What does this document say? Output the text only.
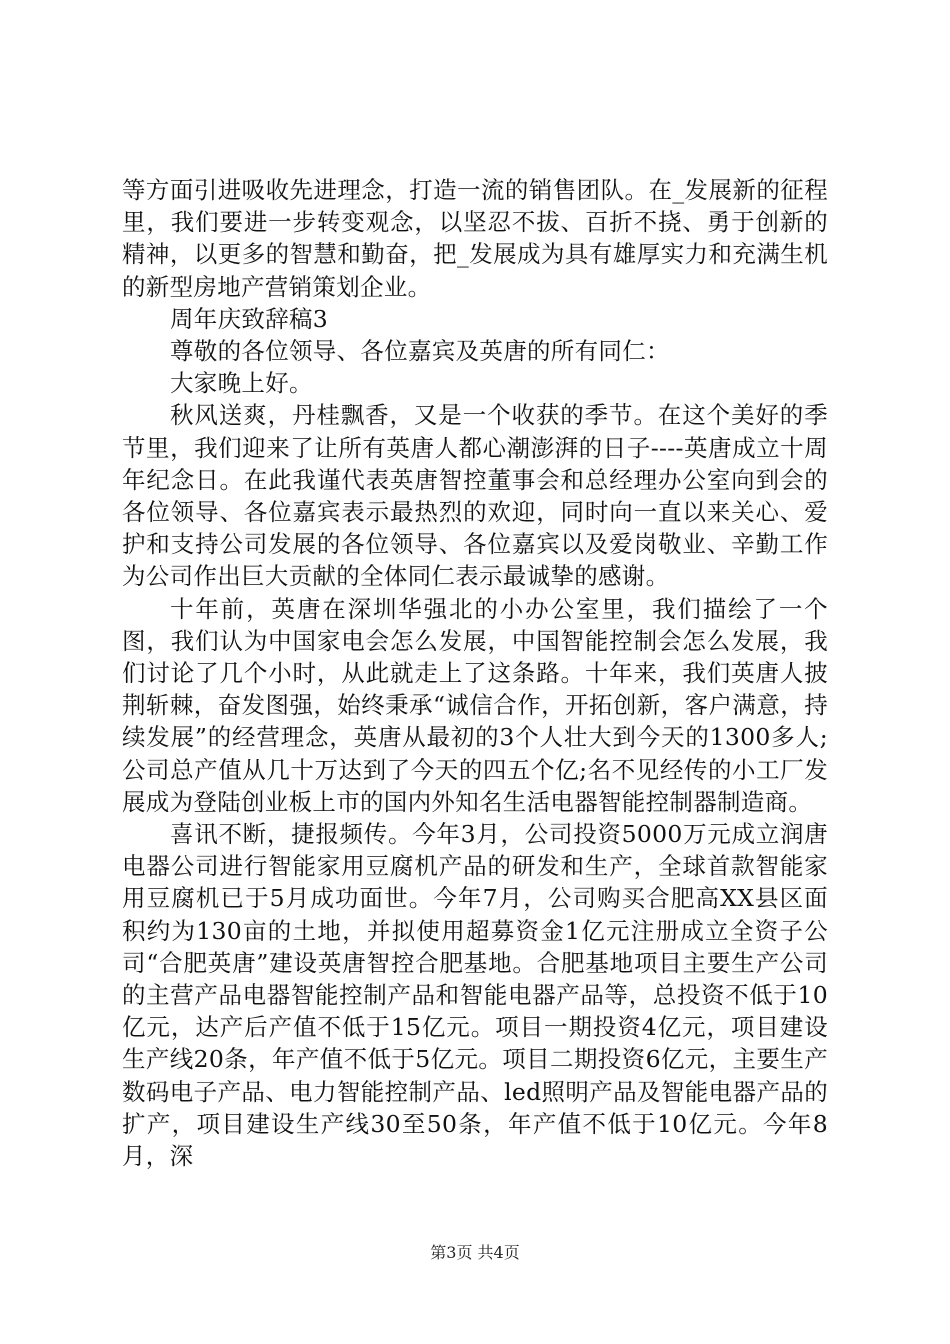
等方面引进吸收先进理念，打造一流的销售团队。在_发展新的征程里，我们要进一步转变观念，以坚忍不拔、百折不挠、勇于创新的精神，以更多的智慧和勤奋，把_发展成为具有雄厚实力和充满生机的新型房地产营销策划企业。

周年庆致辞稿3

尊敬的各位领导、各位嘉宾及英唐的所有同仁：

大家晚上好。

秋风送爽，丹桂飘香，又是一个收获的季节。在这个美好的季节里，我们迎来了让所有英唐人都心潮澎湃的日子----英唐成立十周年纪念日。在此我谨代表英唐智控董事会和总经理办公室向到会的各位领导、各位嘉宾表示最热烈的欢迎，同时向一直以来关心、爱护和支持公司发展的各位领导、各位嘉宾以及爱岗敬业、辛勤工作为公司作出巨大贡献的全体同仁表示最诚挚的感谢。

十年前，英唐在深圳华强北的小办公室里，我们描绘了一个图，我们认为中国家电会怎么发展，中国智能控制会怎么发展，我们讨论了几个小时，从此就走上了这条路。十年来，我们英唐人披荆斩棘，奋发图强，始终秉承“诚信合作，开拓创新，客户满意，持续发展”的经营理念，英唐从最初的3个人壮大到今天的1300多人;公司总产值从几十万达到了今天的四五个亿;名不见经传的小工厂发展成为登陆创业板上市的国内外知名生活电器智能控制器制造商。

喜讯不断，捷报频传。今年3月，公司投资5000万元成立润唐电器公司进行智能家用豆腐机产品的研发和生产，全球首款智能家用豆腐机已于5月成功面世。今年7月，公司购买合肥高XX县区面积约为130亩的土地，并拟使用超募资金1亿元注册成立全资子公司“合肥英唐”建设英唐智控合肥基地。合肥基地项目主要生产公司的主营产品电器智能控制产品和智能电器产品等，总投资不低于10亿元，达产后产值不低于15亿元。项目一期投资4亿元，项目建设生产线20条，年产值不低于5亿元。项目二期投资6亿元，主要生产数码电子产品、电力智能控制产品、led照明产品及智能电器产品的扩产，项目建设生产线30至50条，年产值不低于10亿元。今年8月，深

第3页 共4页
